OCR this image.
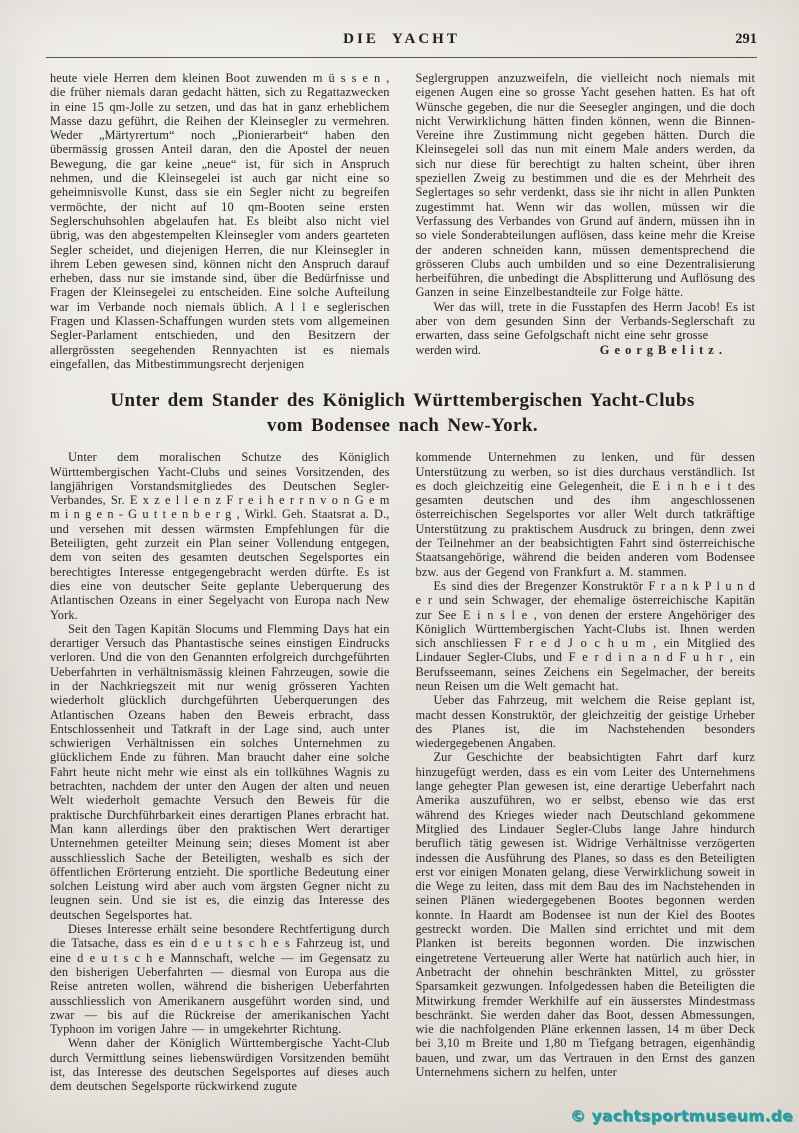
DIE YACHT	291

heute viele Herren dem kleinen Boot zuwenden m ü s s e n , die früher niemals daran gedacht hätten, sich zu Regattazwecken in eine 15 qm-Jolle zu setzen, und das hat in ganz erheblichem Masse dazu geführt, die Reihen der Kleinsegler zu vermehren. Weder „Märtyrertum“ noch „Pionierarbeit“ haben den übermässig grossen Anteil daran, den die Apostel der neuen Bewegung, die gar keine „neue“ ist, für sich in Anspruch nehmen, und die Kleinsegelei ist auch gar nicht eine so geheimnisvolle Kunst, dass sie ein Segler nicht zu begreifen vermöchte, der nicht auf 10 qm-Booten seine ersten Seglerschuhsohlen abgelaufen hat. Es bleibt also nicht viel übrig, was den abgestempelten Kleinsegler vom anders gearteten Segler scheidet, und diejenigen Herren, die nur Kleinsegler in ihrem Leben gewesen sind, können nicht den Anspruch darauf erheben, dass nur sie imstande sind, über die Bedürfnisse und Fragen der Kleinsegelei zu entscheiden. Eine solche Aufteilung war im Verbande noch niemals üblich. A l l e seglerischen Fragen und Klassen-Schaffungen wurden stets vom allgemeinen Segler-Parlament entschieden, und den Besitzern der allergrössten seegehenden Rennyachten ist es niemals eingefallen, das Mitbestimmungsrecht derjenigen

Seglergruppen anzuzweifeln, die vielleicht noch niemals mit eigenen Augen eine so grosse Yacht gesehen hatten. Es hat oft Wünsche gegeben, die nur die Seesegler angingen, und die doch nicht Verwirklichung hätten finden können, wenn die Binnen-Vereine ihre Zustimmung nicht gegeben hätten. Durch die Kleinsegelei soll das nun mit einem Male anders werden, da sich nur diese für berechtigt zu halten scheint, über ihren speziellen Zweig zu bestimmen und die es der Mehrheit des Seglertages so sehr verdenkt, dass sie ihr nicht in allen Punkten zugestimmt hat. Wenn wir das wollen, müssen wir die Verfassung des Verbandes von Grund auf ändern, müssen ihn in so viele Sonderabteilungen auflösen, dass keine mehr die Kreise der anderen schneiden kann, müssen dementsprechend die grösseren Clubs auch umbilden und so eine Dezentralisierung herbeiführen, die unbedingt die Absplitterung und Auflösung des Ganzen in seine Einzelbestandteile zur Folge hätte.

Wer das will, trete in die Fusstapfen des Herrn Jacob! Es ist aber von dem gesunden Sinn der Verbands-Seglerschaft zu erwarten, dass seine Gefolgschaft nicht eine sehr grosse

werden wird.	G e o r g B e l i t z .
Unter dem Stander des Königlich Württembergischen Yacht-Clubs
vom Bodensee nach New-York.

Unter dem moralischen Schutze des Königlich Württembergischen Yacht-Clubs und seines Vorsitzenden, des langjährigen Vorstandsmitgliedes des Deutschen Segler-Verbandes, Sr. E x z e l l e n z F r e i h e r r n v o n G e m m i n g e n - G u t t e n b e r g , Wirkl. Geh. Staatsrat a. D., und versehen mit dessen wärmsten Empfehlungen für die Beteiligten, geht zurzeit ein Plan seiner Vollendung entgegen, dem von seiten des gesamten deutschen Segelsportes ein berechtigtes Interesse entgegengebracht werden dürfte. Es ist dies eine von deutscher Seite geplante Ueberquerung des Atlantischen Ozeans in einer Segelyacht von Europa nach New York.

Seit den Tagen Kapitän Slocums und Flemming Days hat ein derartiger Versuch das Phantastische seines einstigen Eindrucks verloren. Und die von den Genannten erfolgreich durchgeführten Ueberfahrten in verhältnismässig kleinen Fahrzeugen, sowie die in der Nachkriegszeit mit nur wenig grösseren Yachten wiederholt glücklich durchgeführten Ueberquerungen des Atlantischen Ozeans haben den Beweis erbracht, dass Entschlossenheit und Tatkraft in der Lage sind, auch unter schwierigen Verhältnissen ein solches Unternehmen zu glücklichem Ende zu führen. Man braucht daher eine solche Fahrt heute nicht mehr wie einst als ein tollkühnes Wagnis zu betrachten, nachdem der unter den Augen der alten und neuen Welt wiederholt gemachte Versuch den Beweis für die praktische Durchführbarkeit eines derartigen Planes erbracht hat. Man kann allerdings über den praktischen Wert derartiger Unternehmen geteilter Meinung sein; dieses Moment ist aber ausschliesslich Sache der Beteiligten, weshalb es sich der öffentlichen Erörterung entzieht. Die sportliche Bedeutung einer solchen Leistung wird aber auch vom ärgsten Gegner nicht zu leugnen sein. Und sie ist es, die einzig das Interesse des deutschen Segelsportes hat.

Dieses Interesse erhält seine besondere Rechtfertigung durch die Tatsache, dass es ein d e u t s c h e s Fahrzeug ist, und eine d e u t s c h e Mannschaft, welche — im Gegensatz zu den bisherigen Ueberfahrten — diesmal von Europa aus die Reise antreten wollen, während die bisherigen Ueberfahrten ausschliesslich von Amerikanern ausgeführt worden sind, und zwar — bis auf die Rückreise der amerikanischen Yacht Typhoon im vorigen Jahre — in umgekehrter Richtung.

Wenn daher der Königlich Württembergische Yacht-Club durch Vermittlung seines liebenswürdigen Vorsitzenden bemüht ist, das Interesse des deutschen Segelsportes auf dieses auch dem deutschen Segelsporte rückwirkend zugute

kommende Unternehmen zu lenken, und für dessen Unterstützung zu werben, so ist dies durchaus verständlich. Ist es doch gleichzeitig eine Gelegenheit, die E i n h e i t des gesamten deutschen und des ihm angeschlossenen österreichischen Segelsportes vor aller Welt durch tatkräftige Unterstützung zu praktischem Ausdruck zu bringen, denn zwei der Teilnehmer an der beabsichtigten Fahrt sind österreichische Staatsangehörige, während die beiden anderen vom Bodensee bzw. aus der Gegend von Frankfurt a. M. stammen.

Es sind dies der Bregenzer Konstruktör F r a n k P l u n d e r und sein Schwager, der ehemalige österreichische Kapitän zur See E i n s l e , von denen der erstere Angehöriger des Königlich Württembergischen Yacht-Clubs ist. Ihnen werden sich anschliessen F r e d J o c h u m , ein Mitglied des Lindauer Segler-Clubs, und F e r d i n a n d F u h r , ein Berufsseemann, seines Zeichens ein Segelmacher, der bereits neun Reisen um die Welt gemacht hat.

Ueber das Fahrzeug, mit welchem die Reise geplant ist, macht dessen Konstruktör, der gleichzeitig der geistige Urheber des Planes ist, die im Nachstehenden besonders wiedergegebenen Angaben.

Zur Geschichte der beabsichtigten Fahrt darf kurz hinzugefügt werden, dass es ein vom Leiter des Unternehmens lange gehegter Plan gewesen ist, eine derartige Ueberfahrt nach Amerika auszuführen, wo er selbst, ebenso wie das erst während des Krieges wieder nach Deutschland gekommene Mitglied des Lindauer Segler-Clubs lange Jahre hindurch beruflich tätig gewesen ist. Widrige Verhältnisse verzögerten indessen die Ausführung des Planes, so dass es den Beteiligten erst vor einigen Monaten gelang, diese Verwirklichung soweit in die Wege zu leiten, dass mit dem Bau des im Nachstehenden in seinen Plänen wiedergegebenen Bootes begonnen werden konnte. In Haardt am Bodensee ist nun der Kiel des Bootes gestreckt worden. Die Mallen sind errichtet und mit dem Planken ist bereits begonnen worden. Die inzwischen eingetretene Verteuerung aller Werte hat natürlich auch hier, in Anbetracht der ohnehin beschränkten Mittel, zu grösster Sparsamkeit gezwungen. Infolgedessen haben die Beteiligten die Mitwirkung fremder Werkhilfe auf ein äusserstes Mindestmass beschränkt. Sie werden daher das Boot, dessen Abmessungen, wie die nachfolgenden Pläne erkennen lassen, 14 m über Deck bei 3,10 m Breite und 1,80 m Tiefgang betragen, eigenhändig bauen, und zwar, um das Vertrauen in den Ernst des ganzen Unternehmens sichern zu helfen, unter

© yachtsportmuseum.de
